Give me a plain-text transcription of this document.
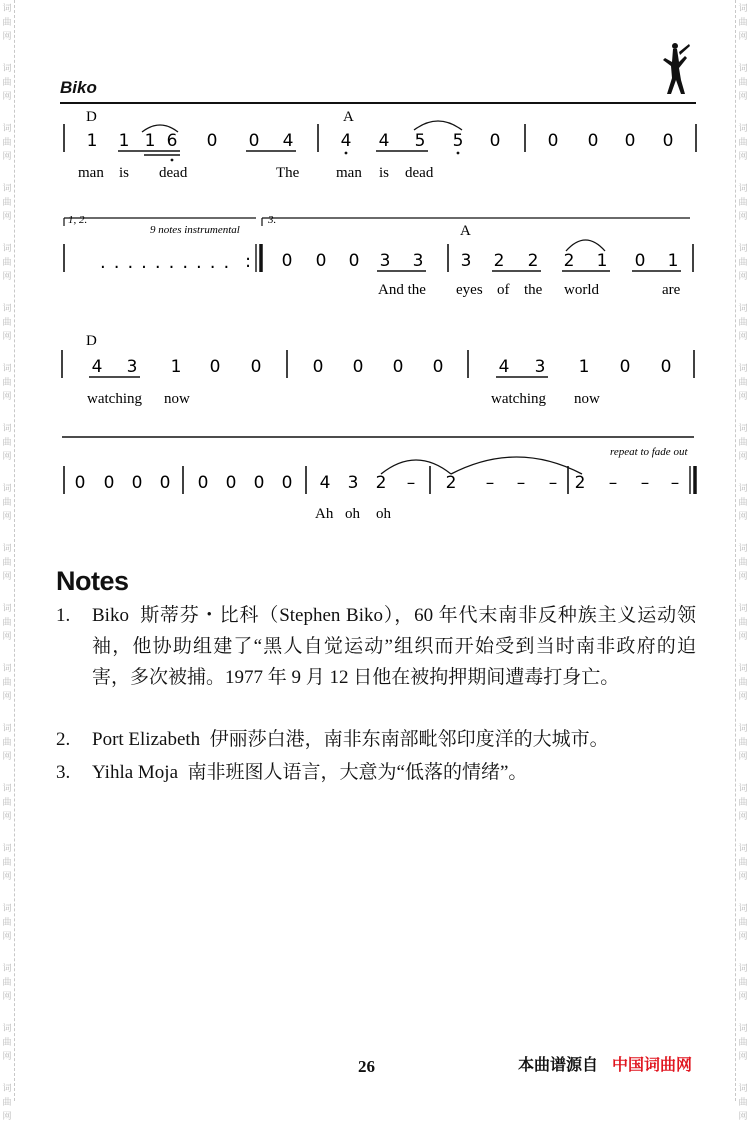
词
曲
网
词
曲
网
词
曲
网
词
曲
网
词
曲
网
词
曲
网
词
曲
网
词
曲
网
词
曲
网
词
曲
网
词
曲
网
词
曲
网
词
曲
网
词
曲
网
词
曲
网
词
曲
网
词
曲
网
词
曲
网
词
曲
网
词
曲
网
词
曲
网
词
曲
网
词
曲
网
词
曲
网
词
曲
网
词
曲
网
词
曲
网
词
曲
网
词
曲
网
词
曲
网
词
曲
网
词
曲
网
词
曲
网
词
曲
网
词
曲
网
词
曲
网
词
曲
网
词
曲
网
Biko
D	A
1 1 1 6 0 0 4	4 4 5 5 0	0 0 0 0
man is dead	The man is dead
1, 2.
9 notes instrumental
3.
A
.......... : 0 0 0 3 3 3 2 2 2 1 0 1
And the eyes of the world	are
D
4 3 1 0 0	0 0 0 0	4 3 1 0 0
watching now	watching now
repeat to fade out
0 0 0 0 0 0 0 0 4 3 2 – 2 – – – 2 – – –
Ah oh oh
Notes
1.	Biko 斯蒂芬・比科（Stephen Biko），60 年代末南非反种族主义运动领袖，他协助组建了“黑人自觉运动”组织而开始受到当时南非政府的迫害，多次被捕。1977 年 9 月 12 日他在被拘押期间遭毒打身亡。
2.	Port Elizabeth 伊丽莎白港，南非东南部毗邻印度洋的大城市。
3.	Yihla Moja 南非班图人语言，大意为“低落的情绪”。
26	本曲谱源自 中国词曲网
